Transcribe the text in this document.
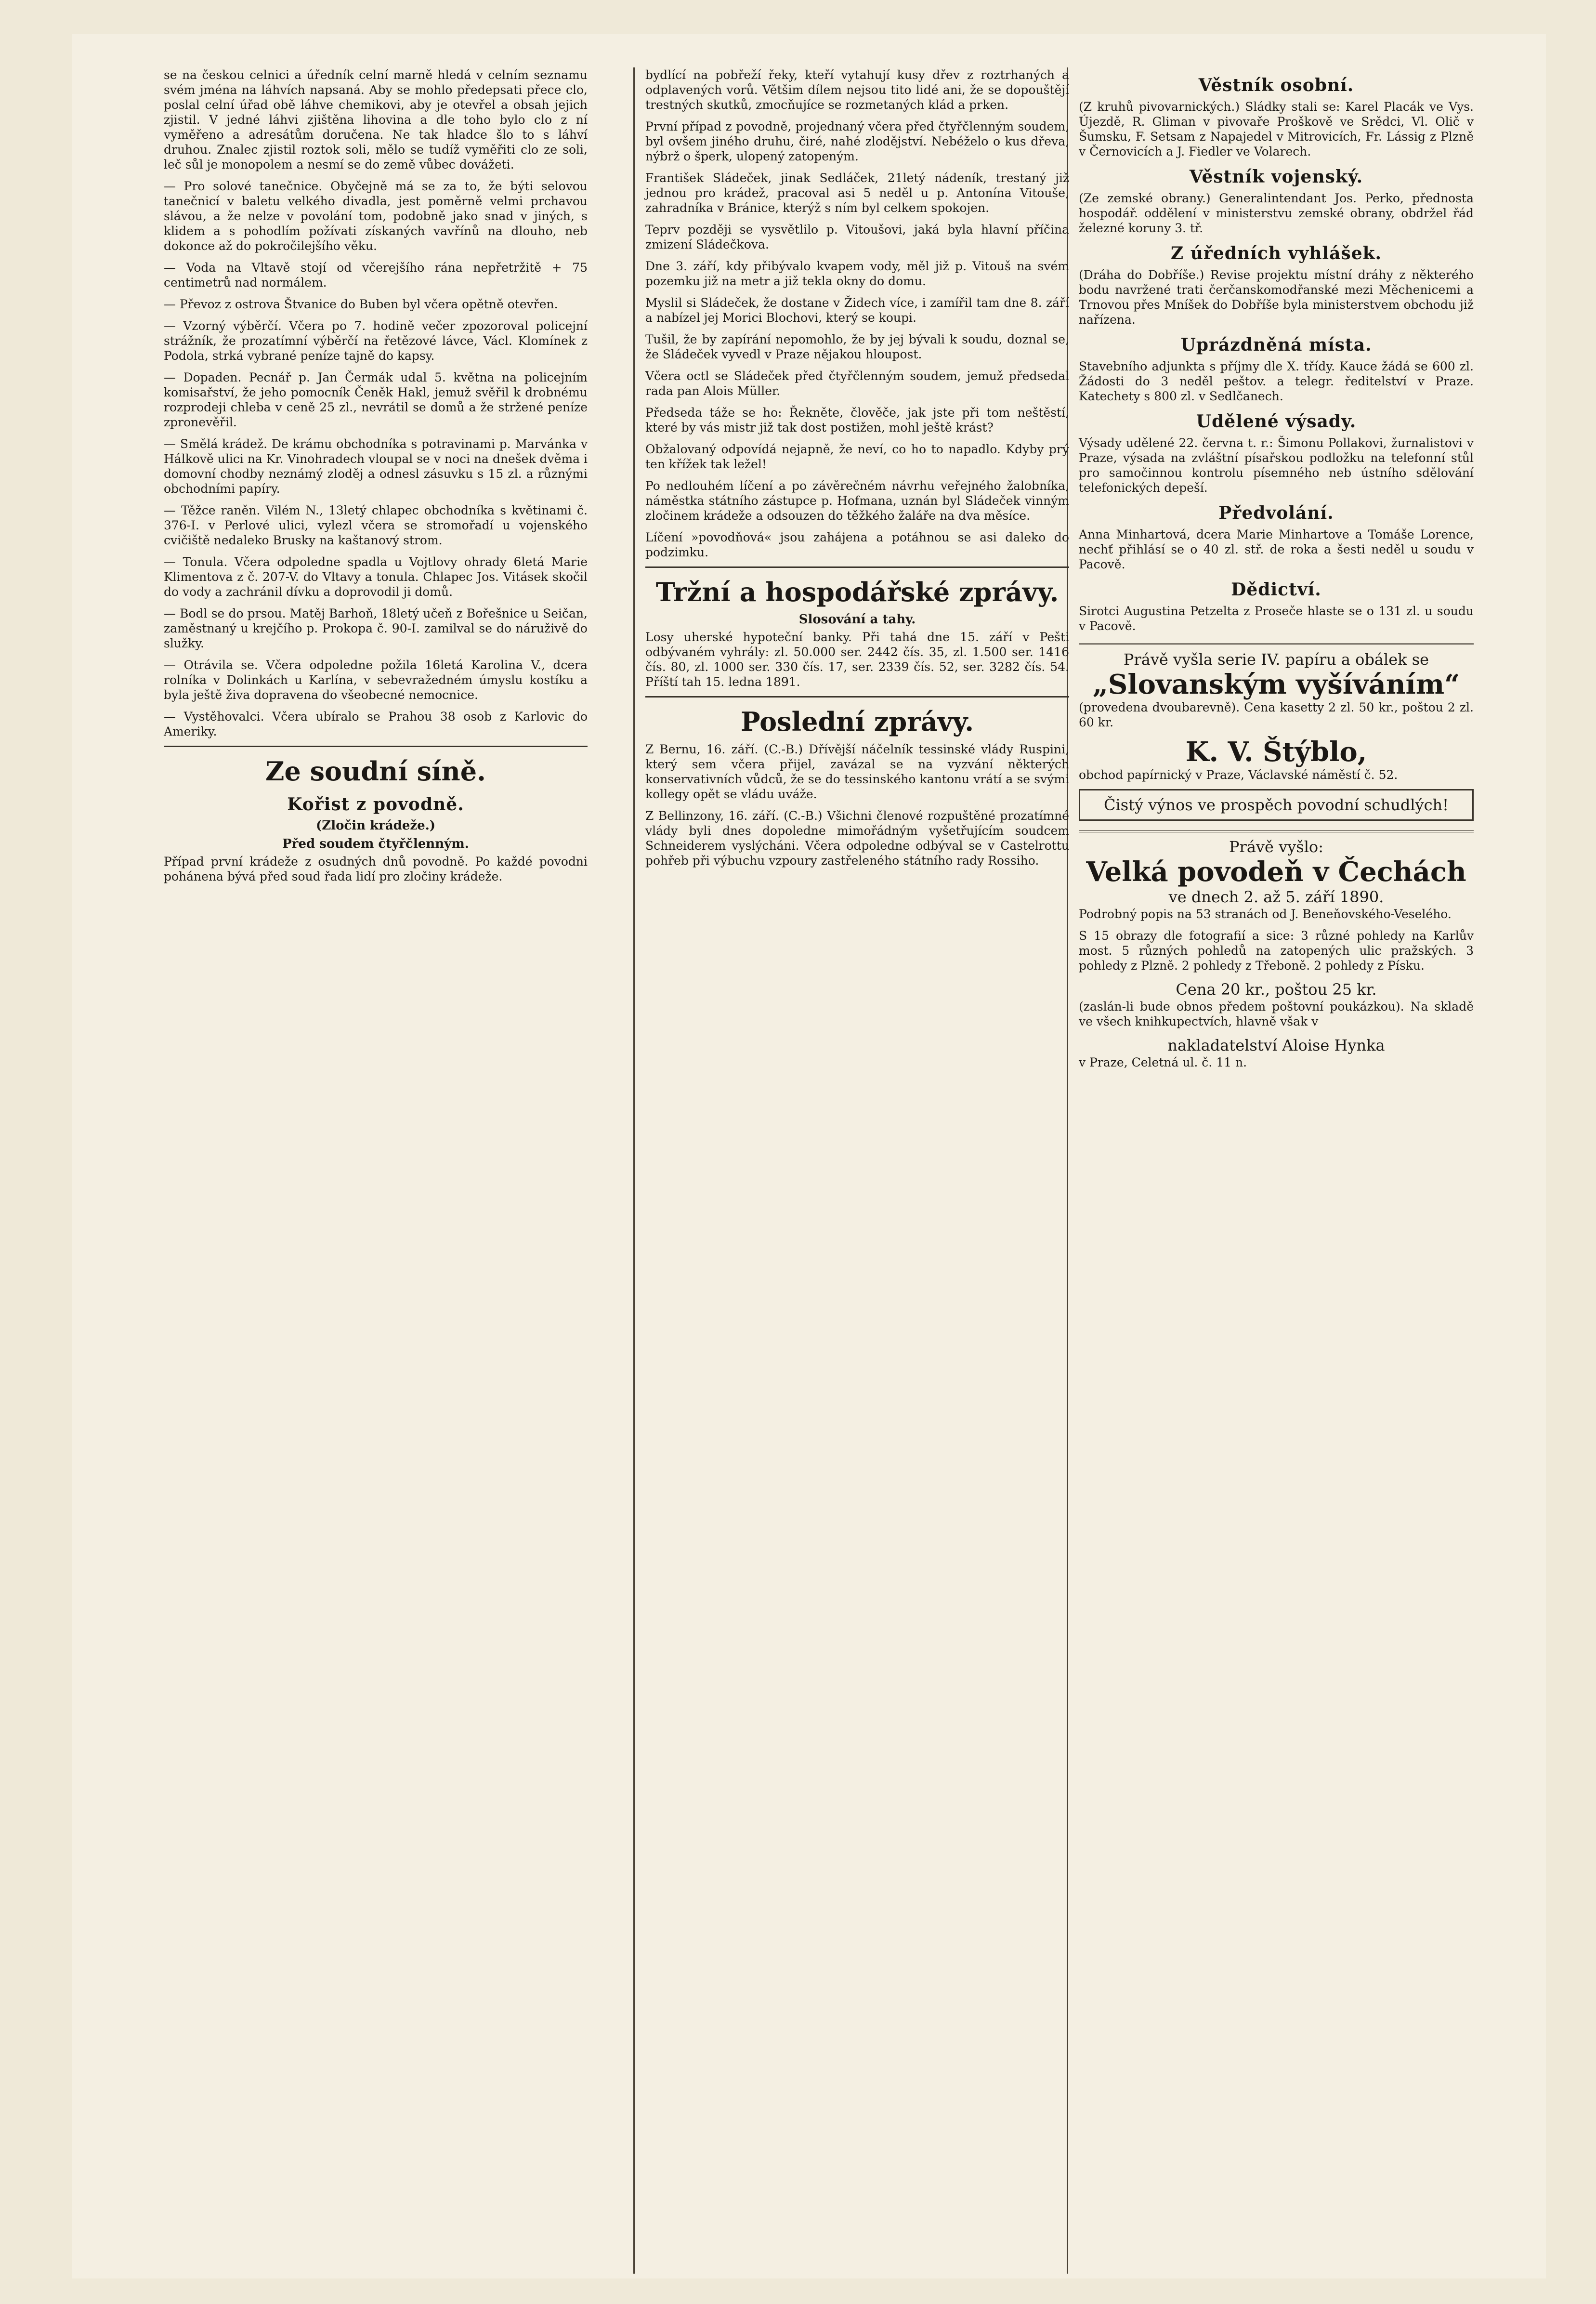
se na českou celnici a úředník celní marně hledá v celním seznamu svém jména na láhvích napsaná. Aby se mohlo předepsati přece clo, poslal celní úřad obě láhve chemikovi, aby je otevřel a obsah jejich zjistil. V jedné láhvi zjištěna lihovina a dle toho bylo clo z ní vyměřeno a adresátům doručena. Ne tak hladce šlo to s láhví druhou. Znalec zjistil roztok soli, mělo se tudíž vyměřiti clo ze soli, leč sůl je monopolem a nesmí se do země vůbec dovážeti.

— Pro solové tanečnice. Obyčejně má se za to, že býti selovou tanečnicí v baletu velkého divadla, jest poměrně velmi prchavou slávou, a že nelze v povolání tom, podobně jako snad v jiných, s klidem a s pohodlím požívati získaných vavřínů na dlouho, neb dokonce až do pokročilejšího věku.

— Voda na Vltavě stojí od včerejšího rána nepřetržitě + 75 centimetrů nad normálem.

— Převoz z ostrova Štvanice do Buben byl včera opětně otevřen.

— Vzorný výběrčí. Včera po 7. hodině večer zpozoroval policejní strážník, že prozatímní výběrčí na řetězové lávce, Václ. Klomínek z Podola, strká vybrané peníze tajně do kapsy.

— Dopaden. Pecnář p. Jan Čermák udal 5. května na policejním komisařství, že jeho pomocník Čeněk Hakl, jemuž svěřil k drobnému rozprodeji chleba v ceně 25 zl., nevrátil se domů a že stržené peníze zpronevěřil.

— Smělá krádež. De krámu obchodníka s potravinami p. Marvánka v Hálkově ulici na Kr. Vinohradech vloupal se v noci na dnešek dvěma i domovní chodby neznámý zloděj a odnesl zásuvku s 15 zl. a různými obchodními papíry.

— Těžce raněn. Vilém N., 13letý chlapec obchodníka s květinami č. 376-I. v Perlové ulici, vylezl včera se stromořadí u vojenského cvičiště nedaleko Brusky na kaštanový strom.

— Tonula. Včera odpoledne spadla u Vojtlovy ohrady 6letá Marie Klimentova z č. 207-V. do Vltavy a tonula. Chlapec Jos. Vitásek skočil do vody a zachránil dívku a doprovodil ji domů.

— Bodl se do prsou. Matěj Barhoň, 18letý učeň z Bořešnice u Seičan, zaměstnaný u krejčího p. Prokopa č. 90-I. zamilval se do náruživě do služky.

— Otrávila se. Včera odpoledne požila 16letá Karolina V., dcera rolníka v Dolinkách u Karlína, v sebevražedném úmyslu kostíku a byla ještě živa dopravena do všeobecné nemocnice.

— Vystěhovalci. Včera ubíralo se Prahou 38 osob z Karlovic do Ameriky.

Ze soudní síně.
Kořist z povodně.
(Zločin krádeže.)
Před soudem čtyřčlenným.

Případ první krádeže z osudných dnů povodně. Po každé povodni pohánena bývá před soud řada lidí pro zločiny krádeže.

bydlící na pobřeží řeky, kteří vytahují kusy dřev z roztrhaných a odplavených vorů. Většim dílem nejsou tito lidé ani, že se dopouštějí trestných skutků, zmocňujíce se rozmetaných klád a prken.

První případ z povodně, projednaný včera před čtyřčlenným soudem, byl ovšem jiného druhu, čiré, nahé zlodějství. Nebéželo o kus dřeva, nýbrž o šperk, ulopený zatopeným.

František Sládeček, jinak Sedláček, 21letý nádeník, trestaný již jednou pro krádež, pracoval asi 5 neděl u p. Antonína Vitouše, zahradníka v Bránice, kterýž s ním byl celkem spokojen.

Teprv později se vysvětlilo p. Vitoušovi, jaká byla hlavní příčina zmizení Sládečkova.

Dne 3. září, kdy přibývalo kvapem vody, měl již p. Vitouš na svém pozemku již na metr a již tekla okny do domu.

Myslil si Sládeček, že dostane v Židech více, i zamířil tam dne 8. září a nabízel jej Morici Blochovi, který se koupi.

Tušil, že by zapírání nepomohlo, že by jej bývali k soudu, doznal se, že Sládeček vyvedl v Praze nějakou hloupost.

Včera octl se Sládeček před čtyřčlenným soudem, jemuž předsedal rada pan Alois Müller.

Předseda táže se ho: Řekněte, člověče, jak jste při tom neštěstí, které by vás mistr již tak dost postižen, mohl ještě krást?

Obžalovaný odpovídá nejapně, že neví, co ho to napadlo. Kdyby prý ten křížek tak ležel!

Po nedlouhém líčení a po závěrečném návrhu veřejného žalobníka, náměstka státního zástupce p. Hofmana, uznán byl Sládeček vinným zločinem krádeže a odsouzen do těžkého žaláře na dva měsíce.

Líčení »povodňová« jsou zahájena a potáhnou se asi daleko do podzimku.

Tržní a hospodářské zprávy.
Slosování a tahy.

Losy uherské hypoteční banky. Při tahá dne 15. září v Pešti odbývaném vyhrály: zl. 50.000 ser. 2442 čís. 35, zl. 1.500 ser. 1416 čís. 80, zl. 1000 ser. 330 čís. 17, ser. 2339 čís. 52, ser. 3282 čís. 54. Příští tah 15. ledna 1891.

Poslední zprávy.

Z Bernu, 16. září. (C.-B.) Dřívější náčelník tessinské vlády Ruspini, který sem včera přijel, zavázal se na vyzvání některých konservativních vůdců, že se do tessinského kantonu vrátí a se svými kollegy opět se vládu uváže.

Z Bellinzony, 16. září. (C.-B.) Všichni členové rozpuštěné prozatímné vlády byli dnes dopoledne mimořádným vyšetřujícím soudcem Schneiderem vyslýcháni. Včera odpoledne odbýval se v Castelrottu pohřeb při výbuchu vzpoury zastřeleného státního rady Rossiho.

Věstník osobní.

(Z kruhů pivovarnických.) Sládky stali se: Karel Placák ve Vys. Újezdě, R. Gliman v pivovaře Proškově ve Srědci, Vl. Olič v Šumsku, F. Setsam z Napajedel v Mitrovicích, Fr. Lássig z Plzně v Černovicích a J. Fiedler ve Volarech.

Věstník vojenský.

(Ze zemské obrany.) Generalintendant Jos. Perko, přednosta hospodář. oddělení v ministerstvu zemské obrany, obdržel řád železné koruny 3. tř.

Z úředních vyhlášek.

(Dráha do Dobříše.) Revise projektu místní dráhy z některého bodu navržené trati čerčanskomodřanské mezi Měchenicemi a Trnovou přes Mníšek do Dobříše byla ministerstvem obchodu již nařízena.

Uprázdněná místa.

Stavebního adjunkta s příjmy dle X. třídy. Kauce žádá se 600 zl. Žádosti do 3 neděl peštov. a telegr. ředitelství v Praze. Katechety s 800 zl. v Sedlčanech.

Udělené výsady.

Výsady udělené 22. června t. r.: Šimonu Pollakovi, žurnalistovi v Praze, výsada na zvláštní písařskou podložku na telefonní stůl pro samočinnou kontrolu písemného neb ústního sdělování telefonických depeší.

Předvolání.

Anna Minhartová, dcera Marie Minhartove a Tomáše Lorence, nechť přihlásí se o 40 zl. stř. de roka a šesti neděl u soudu v Pacově.

Dědictví.

Sirotci Augustina Petzelta z Proseče hlaste se o 131 zl. u soudu v Pacově.

Právě vyšla serie IV. papíru a obálek se
„Slovanským vyšíváním“

(provedena dvoubarevně). Cena kasetty 2 zl. 50 kr., poštou 2 zl. 60 kr.

K. V. Štýblo,

obchod papírnický v Praze, Václavské náměstí č. 52.

Čistý výnos ve prospěch povodní schudlých!
Právě vyšlo:
Velká povodeň v Čechách
ve dnech 2. až 5. září 1890.

Podrobný popis na 53 stranách od J. Beneňovského-Veselého.

S 15 obrazy dle fotografií a sice: 3 různé pohledy na Karlův most. 5 různých pohledů na zatopených ulic pražských. 3 pohledy z Plzně. 2 pohledy z Třeboně. 2 pohledy z Písku.

Cena 20 kr., poštou 25 kr.

(zaslán-li bude obnos předem poštovní poukázkou). Na skladě ve všech knihkupectvích, hlavně však v

nakladatelství Aloise Hynka

v Praze, Celetná ul. č. 11 n.
